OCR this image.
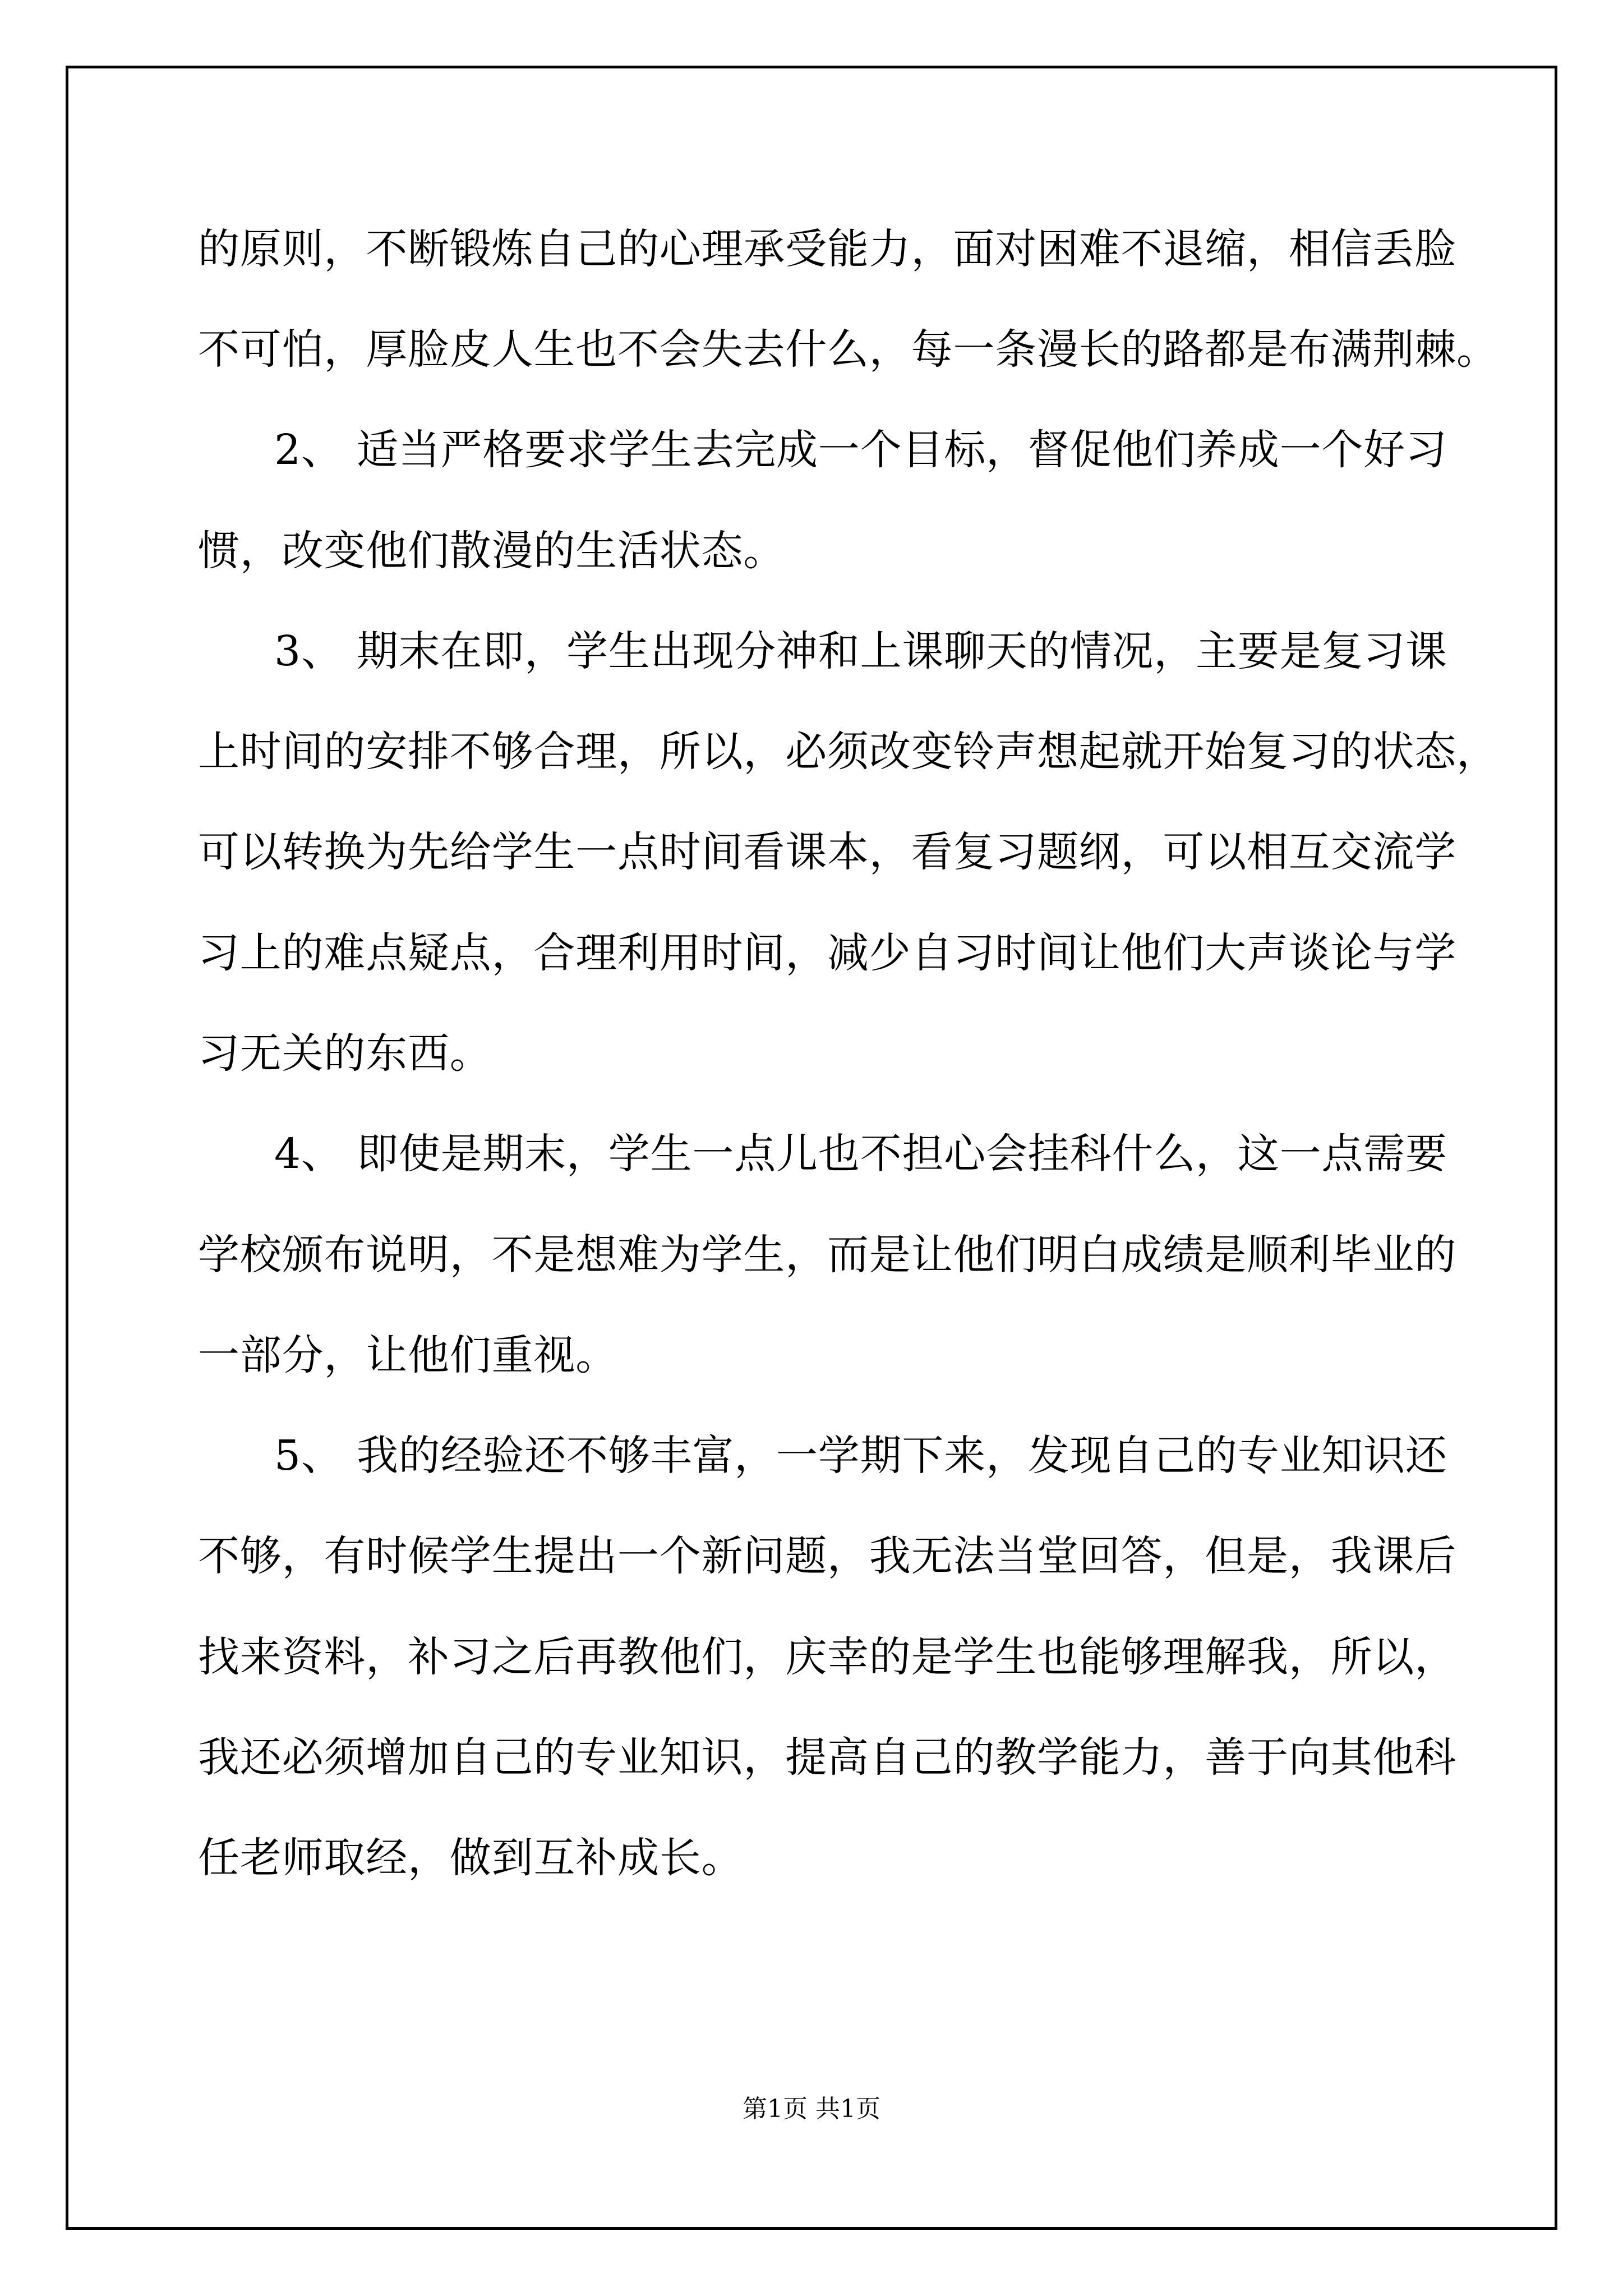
的原则，不断锻炼自己的心理承受能力，面对困难不退缩，相信丢脸
不可怕，厚脸皮人生也不会失去什么，每一条漫长的路都是布满荆棘。
2、 适当严格要求学生去完成一个目标，督促他们养成一个好习
惯，改变他们散漫的生活状态。
3、 期末在即，学生出现分神和上课聊天的情况，主要是复习课
上时间的安排不够合理，所以，必须改变铃声想起就开始复习的状态，
可以转换为先给学生一点时间看课本，看复习题纲，可以相互交流学
习上的难点疑点，合理利用时间，减少自习时间让他们大声谈论与学
习无关的东西。
4、 即使是期末，学生一点儿也不担心会挂科什么，这一点需要
学校颁布说明，不是想难为学生，而是让他们明白成绩是顺利毕业的
一部分，让他们重视。
5、 我的经验还不够丰富，一学期下来，发现自己的专业知识还
不够，有时候学生提出一个新问题，我无法当堂回答，但是，我课后
找来资料，补习之后再教他们，庆幸的是学生也能够理解我，所以，
我还必须增加自己的专业知识，提高自己的教学能力，善于向其他科
任老师取经，做到互补成长。
第1页 共1页
